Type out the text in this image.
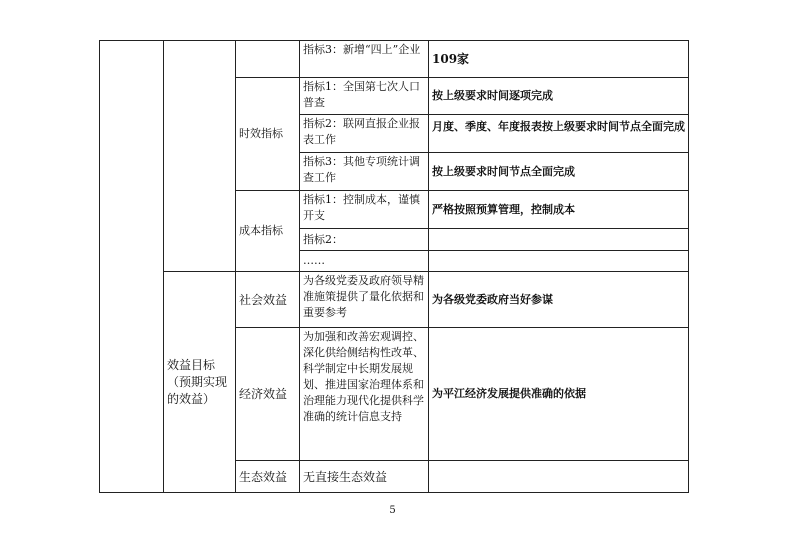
指标3：新增“四上”企业
109家
时效指标
指标1：全国第七次人口普查
按上级要求时间逐项完成
指标2：联网直报企业报表工作
月度、季度、年度报表按上级要求时间节点全面完成
指标3：其他专项统计调查工作	按上级要求时间节点全面完成
成本指标
指标1：控制成本，谨慎开支	严格按照预算管理，控制成本
指标2：
……
效益目标（预期实现的效益）
社会效益
为各级党委及政府领导精准施策提供了量化依据和重要参考
为各级党委政府当好参谋
经济效益
为加强和改善宏观调控、深化供给侧结构性改革、科学制定中长期发展规划、推进国家治理体系和治理能力现代化提供科学准确的统计信息支持
为平江经济发展提供准确的依据
生态效益 无直接生态效益
5
